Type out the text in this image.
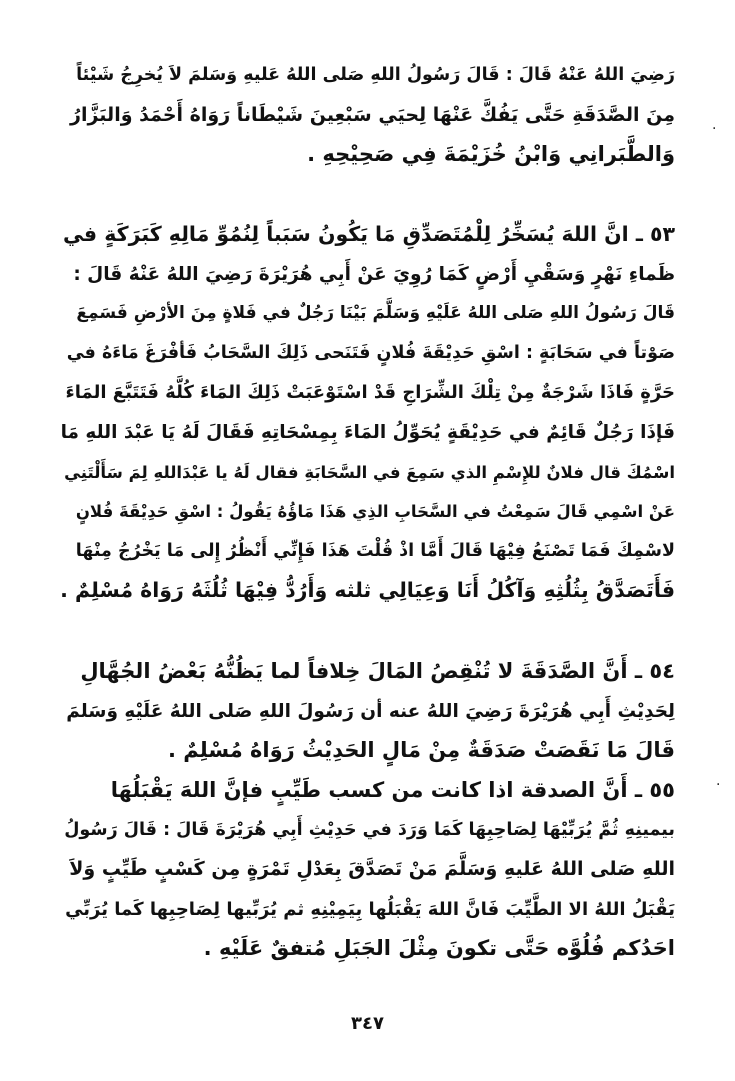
رَضِيَ اللهُ عَنْهُ قَالَ : قَالَ رَسُولُ اللهِ صَلى اللهُ عَليهِ وَسَلمَ لاَ يُخرِجُ شَيْئاً
مِنَ الصَّدَقَةِ حَتَّى يَفُكَّ عَنْهَا لِحيَي سَبْعِينَ شَيْطَاناً رَوَاهُ أَحْمَدُ وَالبَزَّارُ
وَالطَّبَرانِي وَابْنُ خُزَيْمَةَ فِي صَحِيْحِهِ .
٥٣ ـ انَّ اللهَ يُسَخِّرُ لِلْمُتَصَدِّقِ مَا يَكُونُ سَبَباً لِنُمُوِّ مَالِهِ كَبَرَكَةٍ في
ظَماءِ نَهْرٍ وَسَقْيِ أَرْضٍ كَمَا رُوِيَ عَنْ أَبِي هُرَيْرَةَ رَضِيَ اللهُ عَنْهُ قَالَ :
قَالَ رَسُولُ اللهِ صَلى اللهُ عَلَيْهِ وَسَلَّمَ بَيْنَا رَجُلٌ في فَلاةٍ مِنَ الأرْضِ فَسَمِعَ
صَوْتاً في سَحَابَةٍ : اسْقِ حَدِيْقَةَ فُلانٍ فَتَنَحى ذَلِكَ السَّحَابُ فَأفْرَغَ مَاءَهُ في
حَرَّةٍ فَاذَا شَرْجَةٌ مِنْ تِلْكَ الشِّرَاجِ قَدْ اسْتَوْعَبَتْ ذَلِكَ المَاءَ كُلَّهُ فَتَتَبَّعَ المَاءَ
فَإذَا رَجُلٌ قَائِمٌ في حَدِيْقَةٍ يُحَوِّلُ المَاءَ بِمِسْحَاتِهِ فَقَالَ لَهُ يَا عَبْدَ اللهِ مَا
اسْمُكَ قال فلانٌ للإِسْمِ الذي سَمِعَ في السَّحَابَةِ فقال لَهُ يا عَبْدَاللهِ لِمَ سَأَلْتَنِي
عَنْ اسْمِي قَالَ سَمِعْتُ في السَّحَابِ الذِي هَذَا مَاؤُهُ يَقُولُ : اسْقِ حَدِيْقَةَ فُلانٍ
لاسْمِكَ فَمَا تَصْنَعُ فِيْهَا قَالَ أَمَّا اذْ قُلْتَ هَذَا فَإِنِّي أَنْظُرُ إِلى مَا يَخْرُجُ مِنْهَا
فَأَتَصَدَّقُ بِثُلُثِهِ وَآكُلُ أَنَا وَعِيَالِي ثلثه وَأَرُدُّ فِيْهَا ثُلُثَهُ رَوَاهُ مُسْلِمٌ .
٥٤ ـ أَنَّ الصَّدَقَةَ لا تُنْقِصُ المَالَ خِلافاً لما يَظُنُّهُ بَعْضُ الجُهَّالِ
لِحَدِيْثِ أَبِي هُرَيْرَةَ رَضِيَ اللهُ عنه أن رَسُولَ اللهِ صَلى اللهُ عَلَيْهِ وَسَلمَ
قَالَ مَا نَقَصَتْ صَدَقَةٌ مِنْ مَالٍ الحَدِيْثُ رَوَاهُ مُسْلِمٌ .
٥٥ ـ أَنَّ الصدقة اذا كانت من كسب طَيِّبٍ فإنَّ اللهَ يَقْبَلُهَا
بيمينِهِ ثُمَّ يُرَبِّيْهَا لِصَاحِبِهَا كَمَا وَرَدَ في حَدِيْثِ أَبِي هُرَيْرَةَ قَالَ : قَالَ رَسُولُ
اللهِ صَلى اللهُ عَليهِ وَسَلَّمَ مَنْ تَصَدَّقَ بِعَدْلِ تَمْرَةٍ مِن كَسْبٍ طَيِّبٍ وَلاَ
يَقْبَلُ اللهُ الا الطَّيِّبَ فَانَّ اللهَ يَقْبَلُها بِيَمِيْنِهِ ثم يُرَبِّيها لِصَاحِبِها كَما يُرَبِّي
احَدُكم فُلُوَّه حَتَّى تكونَ مِثْلَ الجَبَلِ مُتفقٌ عَلَيْهِ .
٣٤٧
·
·
